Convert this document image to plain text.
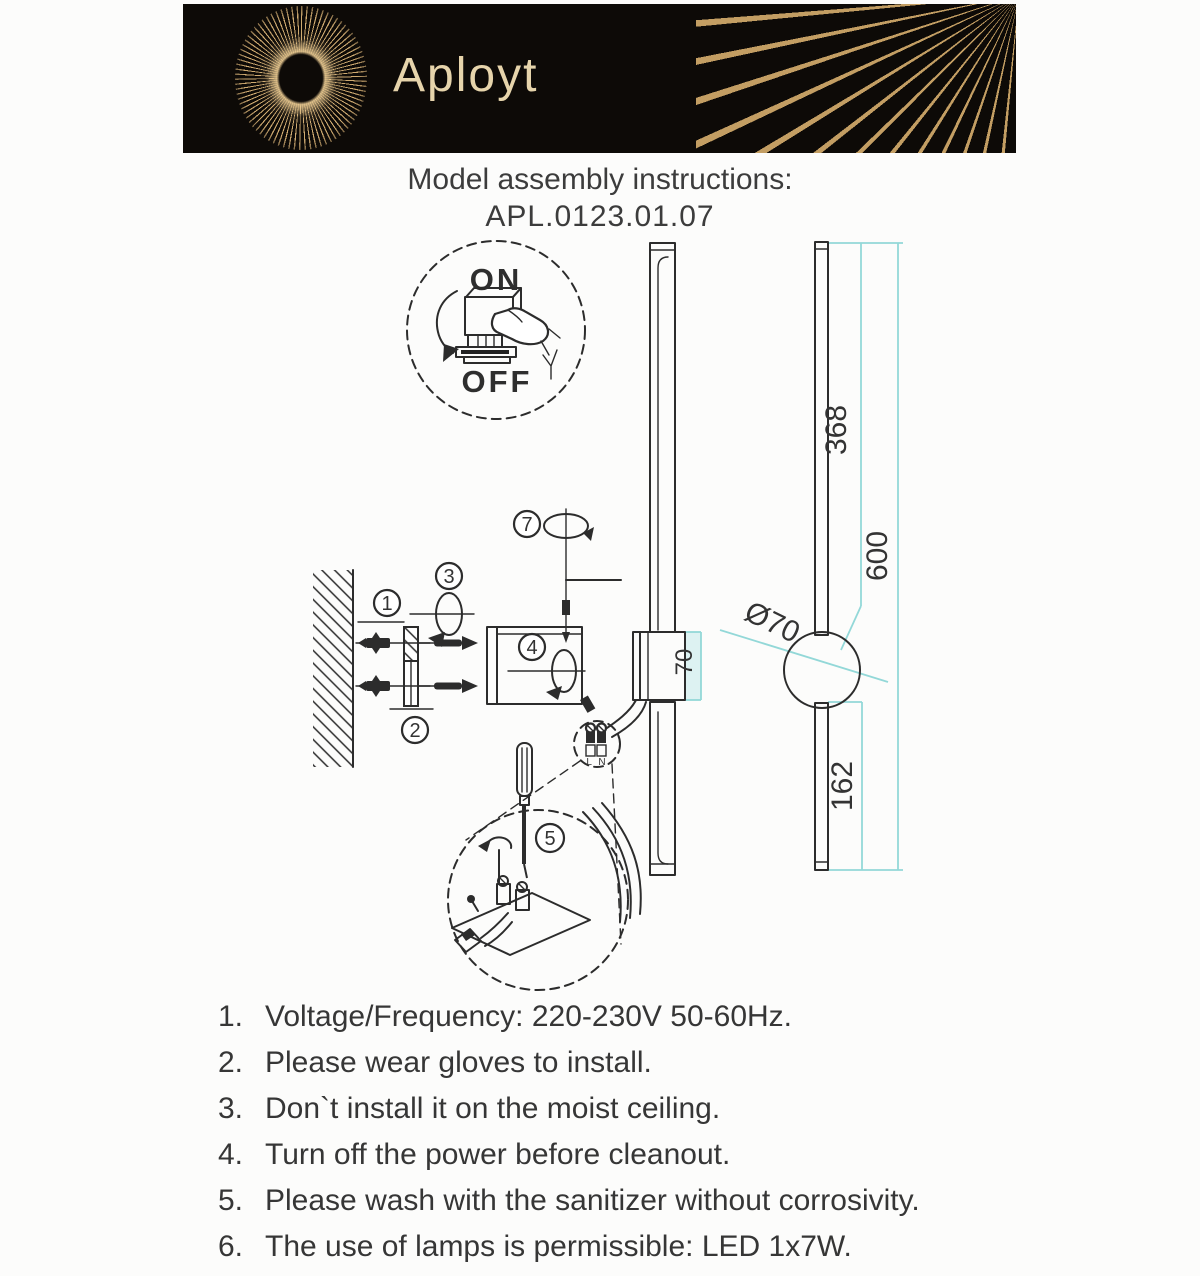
Aployt
Model assembly instructions:
APL.0123.01.07
ON
OFF
1
2
3
4
7
70
L N
5
368
600
162
Ø70
1. Voltage/Frequency: 220-230V 50-60Hz.
2. Please wear gloves to install.
3. Don`t install it on the moist ceiling.
4. Turn off the power before cleanout.
5. Please wash with the sanitizer without corrosivity.
6. The use of lamps is permissible: LED 1x7W.
